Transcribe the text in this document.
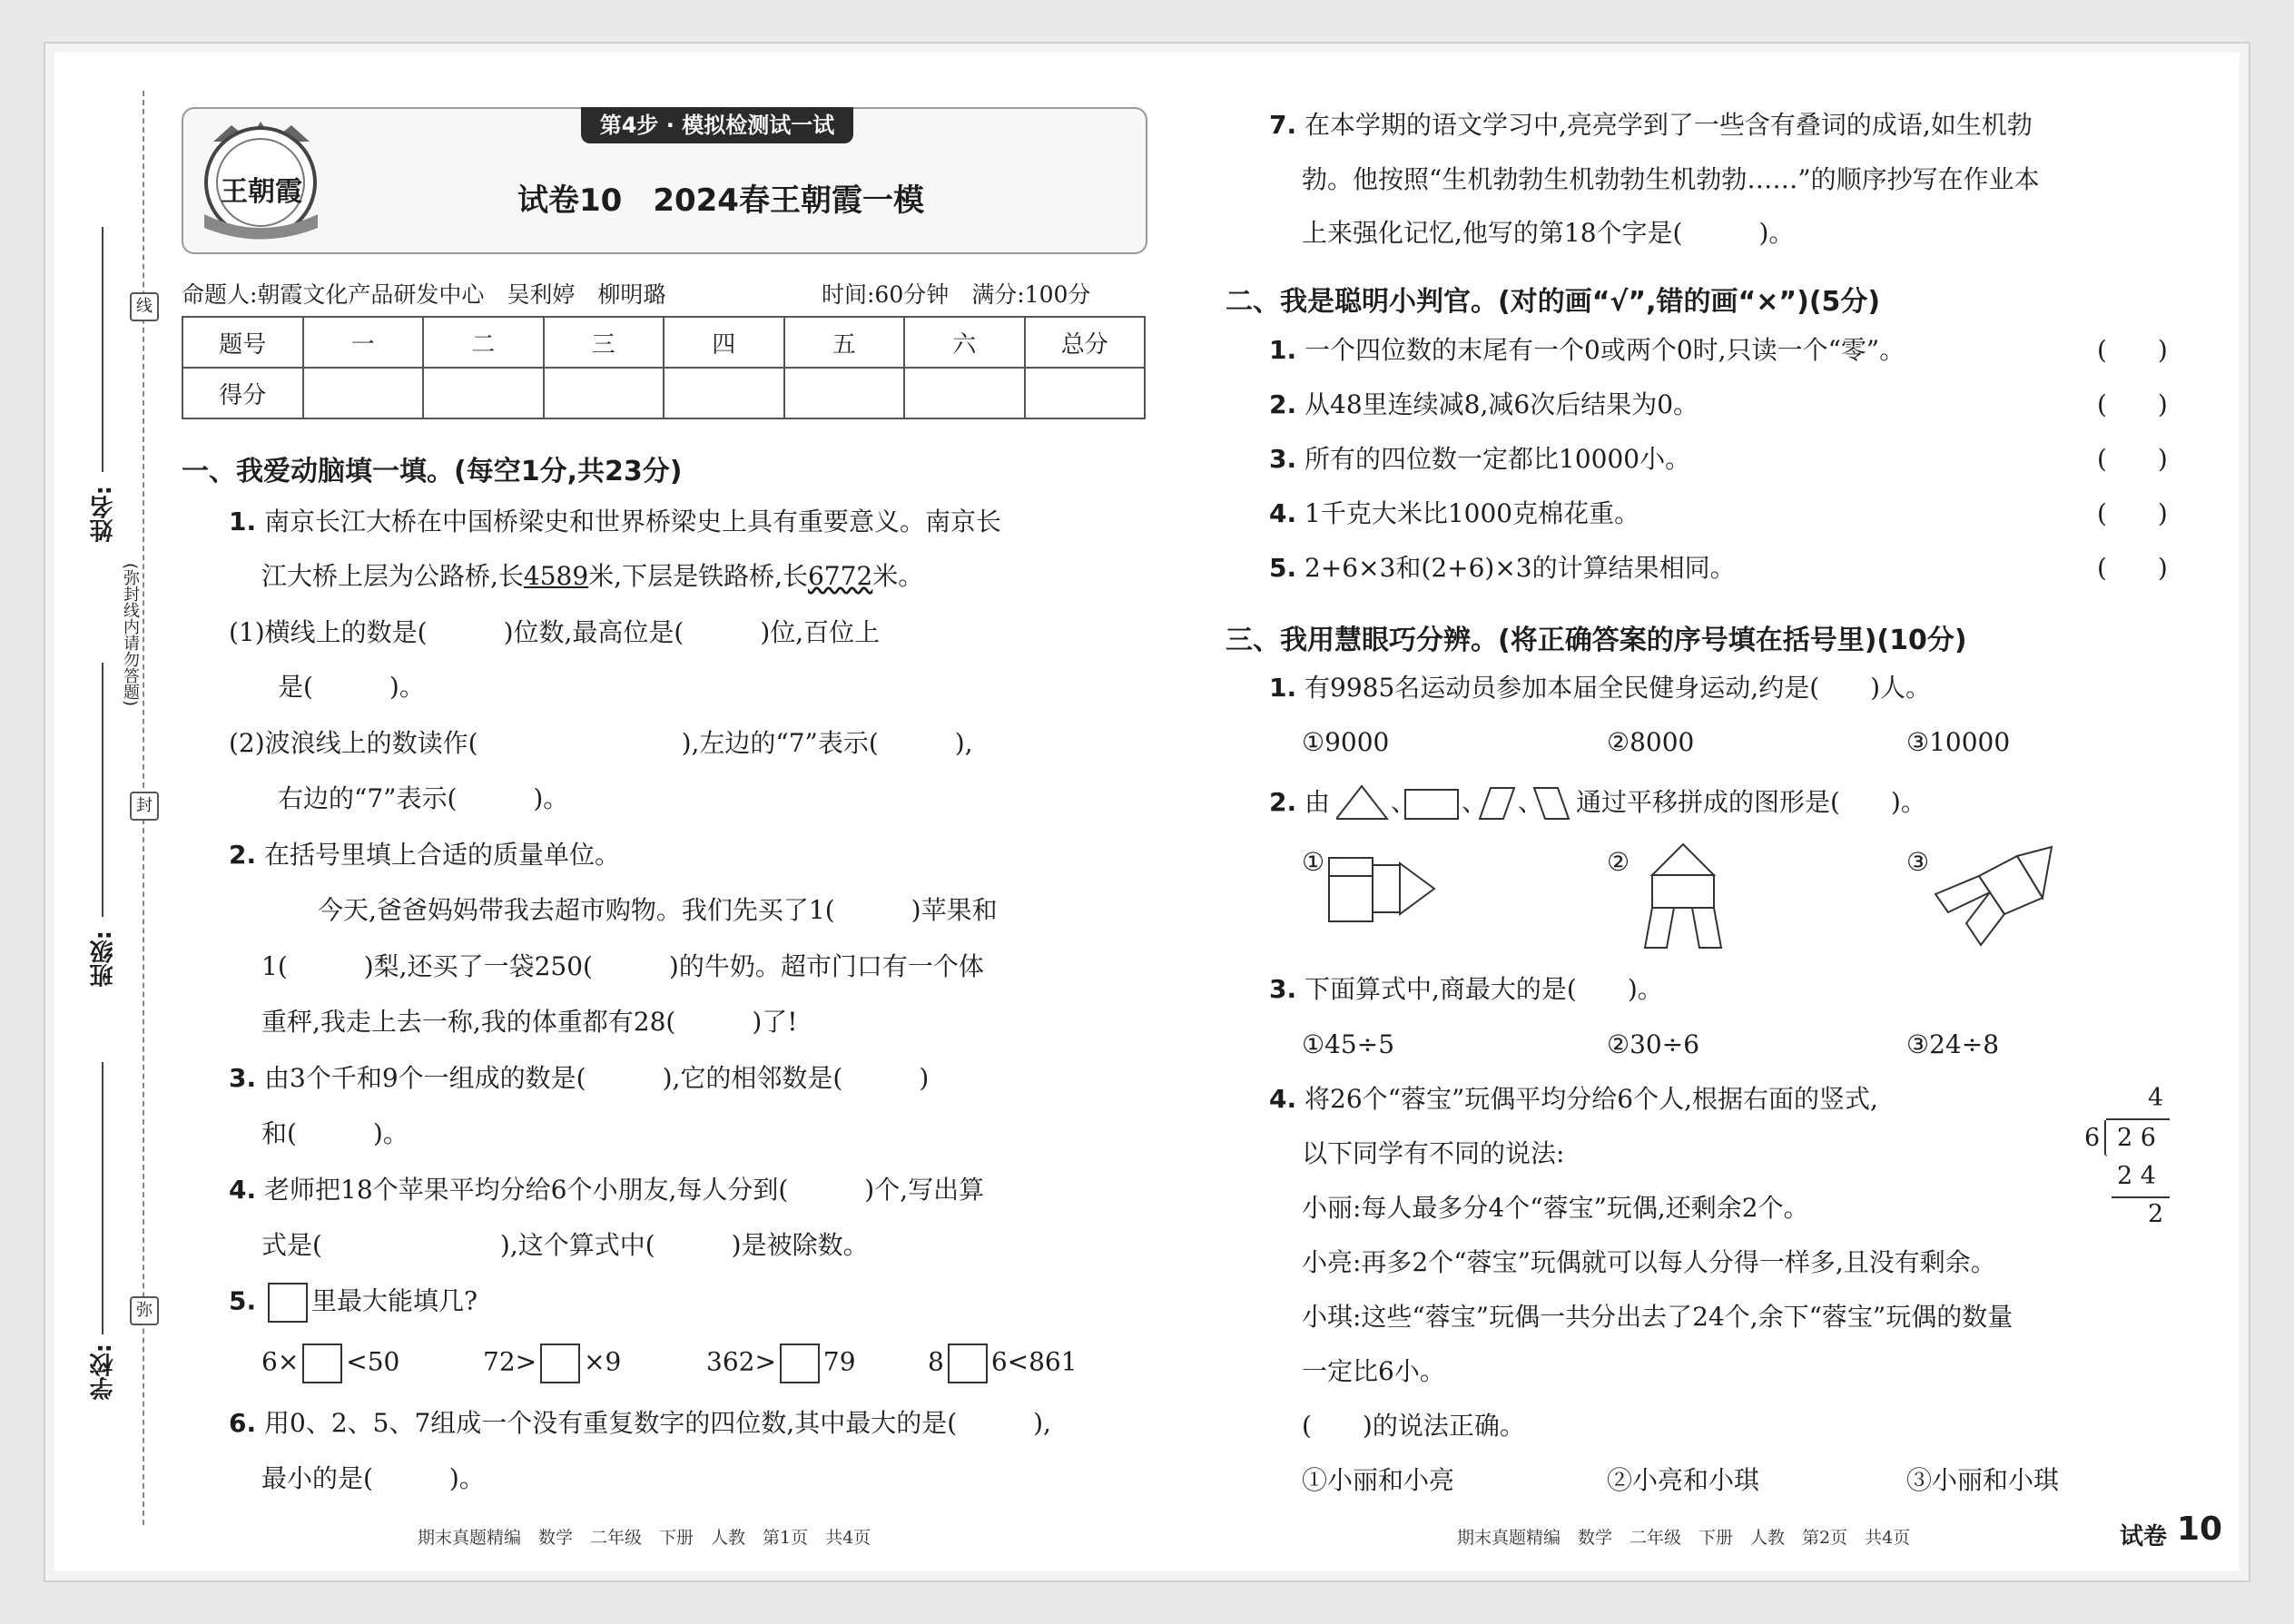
线
封
弥
姓名:
班级:
学校:
(弥封线内请勿答题)
第4步 · 模拟检测试一试
王朝霞	试卷10　2024春王朝霞一模
命题人:朝霞文化产品研发中心　吴利婷　柳明璐	时间:60分钟　满分:100分
题号	一	二	三	四	五	六	总分
得分							
一、我爱动脑填一填。(每空1分,共23分)
1. 南京长江大桥在中国桥梁史和世界桥梁史上具有重要意义。南京长
江大桥上层为公路桥,长4589米,下层是铁路桥,长6772米。
(1)横线上的数是(　　　)位数,最高位是(　　　)位,百位上
是(　　　)。
(2)波浪线上的数读作(　　　　　　　　),左边的“7”表示(　　　),
右边的“7”表示(　　　)。
2. 在括号里填上合适的质量单位。
今天,爸爸妈妈带我去超市购物。我们先买了1(　　　)苹果和
1(　　　)梨,还买了一袋250(　　　)的牛奶。超市门口有一个体
重秤,我走上去一称,我的体重都有28(　　　)了!
3. 由3个千和9个一组成的数是(　　　),它的相邻数是(　　　)
和(　　　)。
4. 老师把18个苹果平均分给6个小朋友,每人分到(　　　)个,写出算
式是(　　　　　　　),这个算式中(　　　)是被除数。
5. 里最大能填几?
6× <50	72> ×9	362> 79	8 6<861
6. 用0、2、5、7组成一个没有重复数字的四位数,其中最大的是(　　　),
最小的是(　　　)。
期末真题精编　数学　二年级　下册　人教　第1页　共4页
7. 在本学期的语文学习中,亮亮学到了一些含有叠词的成语,如生机勃
勃。他按照“生机勃勃生机勃勃生机勃勃……”的顺序抄写在作业本
上来强化记忆,他写的第18个字是(　　　)。
二、我是聪明小判官。(对的画“√”,错的画“×”)(5分)
1. 一个四位数的末尾有一个0或两个0时,只读一个“零”。	(　　)
2. 从48里连续减8,减6次后结果为0。	(　　)
3. 所有的四位数一定都比10000小。	(　　)
4. 1千克大米比1000克棉花重。	(　　)
5. 2+6×3和(2+6)×3的计算结果相同。	(　　)
三、我用慧眼巧分辨。(将正确答案的序号填在括号里)(10分)
1. 有9985名运动员参加本届全民健身运动,约是(　　)人。
①9000	②8000	③10000
2. 由 、 、 、 通过平移拼成的图形是(　　)。
①	②	③
3. 下面算式中,商最大的是(　　)。
①45÷5	②30÷6	③24÷8
4. 将26个“蓉宝”玩偶平均分给6个人,根据右面的竖式,
以下同学有不同的说法:
4
6 2 6
2 4
2
小丽:每人最多分4个“蓉宝”玩偶,还剩余2个。
小亮:再多2个“蓉宝”玩偶就可以每人分得一样多,且没有剩余。
小琪:这些“蓉宝”玩偶一共分出去了24个,余下“蓉宝”玩偶的数量
一定比6小。
(　　)的说法正确。
①小丽和小亮	②小亮和小琪	③小丽和小琪
期末真题精编　数学　二年级　下册　人教　第2页　共4页	试卷 10
